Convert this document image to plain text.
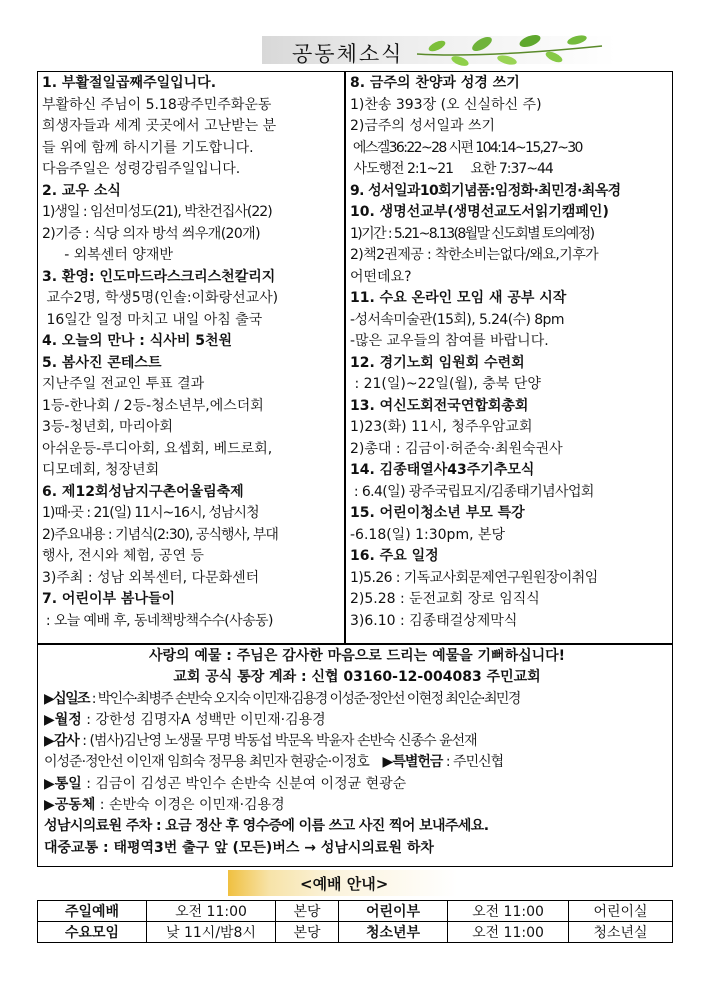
공동체소식
1. 부활절일곱째주일입니다.
부활하신 주님이 5.18광주민주화운동
희생자들과 세계 곳곳에서 고난받는 분
들 위에 함께 하시기를 기도합니다.
다음주일은 성령강림주일입니다.
2. 교우 소식
1)생일 : 임선미성도(21), 박찬건집사(22)
2)기증 : 식당 의자 방석 씌우개(20개)
- 외복센터 양재반
3. 환영: 인도마드라스크리스천칼리지
교수2명, 학생5명(인솔:이화랑선교사)
16일간 일정 마치고 내일 아침 출국
4. 오늘의 만나 : 식사비 5천원
5. 봄사진 콘테스트
지난주일 전교인 투표 결과
1등-한나회 / 2등-청소년부,에스더회
3등-청년회, 마리아회
아쉬운등-루디아회, 요셉회, 베드로회,
디모데회, 청장년회
6. 제12회성남지구촌어울림축제
1)때·곳 : 21(일) 11시~16시, 성남시청
2)주요내용 : 기념식(2:30), 공식행사, 부대
행사, 전시와 체험, 공연 등
3)주최 : 성남 외복센터, 다문화센터
7. 어린이부 봄나들이
: 오늘 예배 후, 동네책방책수수(사송동)
8. 금주의 찬양과 성경 쓰기
1)찬송 393장 (오 신실하신 주)
2)금주의 성서일과 쓰기
에스겔36:22~28 시편 104:14~15,27~30
사도행전 2:1~21     요한 7:37~44
9. 성서일과10회기념품:임정화·최민경·최옥경
10. 생명선교부(생명선교도서읽기캠페인)
1)기간 : 5.21~8.13(8월말 신도회별 토의예정)
2)책2권제공 : 착한소비는없다/왜요,기후가
어떤데요?
11. 수요 온라인 모임 새 공부 시작
-성서속미술관(15회), 5.24(수) 8pm
-많은 교우들의 참여를 바랍니다.
12. 경기노회 임원회 수련회
: 21(일)~22일(월), 충북 단양
13. 여신도회전국연합회총회
1)23(화) 11시, 청주우암교회
2)총대 : 김금이·허준숙·최원숙권사
14. 김종태열사43주기추모식
: 6.4(일) 광주국립묘지/김종태기념사업회
15. 어린이청소년 부모 특강
-6.18(일) 1:30pm, 본당
16. 주요 일정
1)5.26 : 기독교사회문제연구원원장이취임
2)5.28 : 둔전교회 장로 임직식
3)6.10 : 김종태걸상제막식
사랑의 예물 : 주님은 감사한 마음으로 드리는 예물을 기뻐하십니다!
교회 공식 통장 계좌 : 신협 03160-12-004083 주민교회
▶십일조 : 박인수·최병주 손반숙 오지숙 이민재·김용경 이성준·정안선 이현정 최인순·최민경
▶월정 : 강한성 김명자A 성백만 이민재·김용경
▶감사 : (범사)김난영 노생물 무명 박동섭 박문옥 박윤자 손반숙 신종수 윤선재
이성준·정안선 이인재 임희숙 정무용 최민자 현광순·이정호 ▶특별헌금 : 주민신협
▶통일 : 김금이 김성곤 박인수 손반숙 신분여 이정균 현광순
▶공동체 : 손반숙 이경은 이민재·김용경
성남시의료원 주차 : 요금 정산 후 영수증에 이름 쓰고 사진 찍어 보내주세요.
대중교통 : 태평역3번 출구 앞 (모든)버스 → 성남시의료원 하차
<예배 안내>
주일예배	오전 11:00	본당	어린이부	오전 11:00	어린이실
수요모임	낮 11시/밤8시	본당	청소년부	오전 11:00	청소년실
